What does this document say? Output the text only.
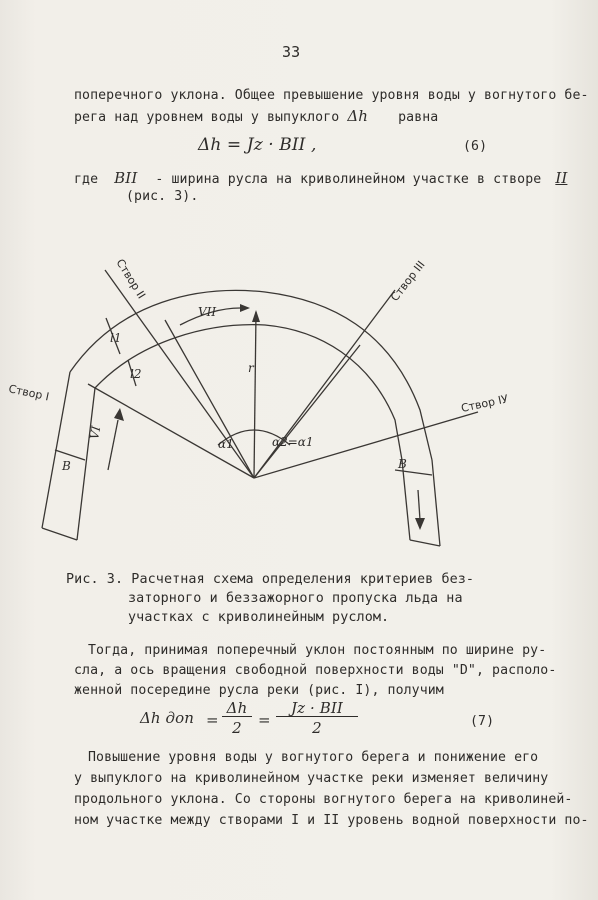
33
поперечного уклона. Общее превышение уровня воды у вогнутого бе-
рега над уровнем воды у выпуклого Δh равна
Δh = Jz · BII ,	(6)
где BII - ширина русла на криволинейном участке в створе II
(рис. 3).
Створ II
Створ I
Створ III
Створ IУ
VII
VI
l1
l2	r
α1	α2=α1
B	B
Рис. 3. Расчетная схема определения критериев без-
заторного и беззажорного пропуска льда на
участках с криволинейным руслом.
Тогда, принимая поперечный уклон постоянным по ширине ру-
сла, а ось вращения свободной поверхности воды "D", располо-
женной посередине русла реки (рис. I), получим
Δh доп =
Δh
2	=
Jz · BII
2	(7)
Повышение уровня воды у вогнутого берега и понижение его
у выпуклого на криволинейном участке реки изменяет величину
продольного уклона. Со стороны вогнутого берега на криволиней-
ном участке между створами I и II уровень водной поверхности по-
